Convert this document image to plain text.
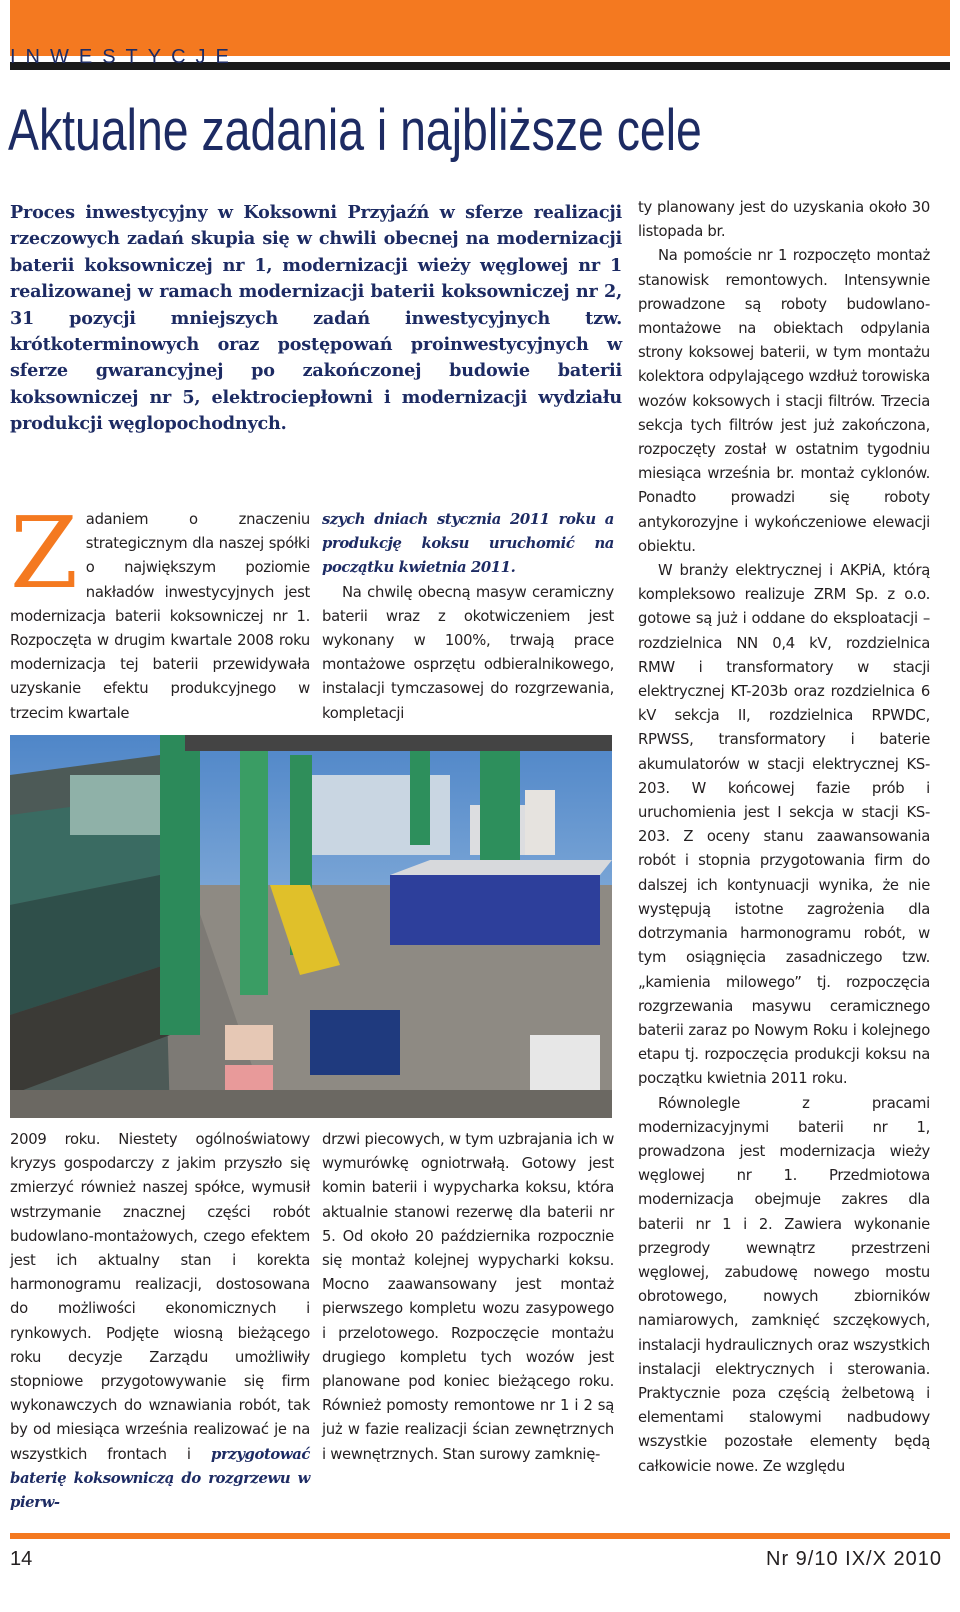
INWESTYCJE
Aktualne zadania i najbliższe cele

Proces inwestycyjny w Koksowni Przyjaźń w sferze realizacji rzeczowych zadań skupia się w chwili obecnej na modernizacji baterii koksowniczej nr 1, modernizacji wieży węglowej nr 1 realizowanej w ramach modernizacji baterii koksowniczej nr 2, 31 pozycji mniejszych zadań inwestycyjnych tzw. krótkoterminowych oraz postępowań proinwestycyjnych w sferze gwarancyjnej po zakończonej budowie baterii koksowniczej nr 5, elektrociepłowni i modernizacji wydziału produkcji węglopochodnych.

Zadaniem o znaczeniu strategicznym dla naszej spółki o największym poziomie nakładów inwestycyjnych jest modernizacja baterii koksowniczej nr 1. Rozpoczęta w drugim kwartale 2008 roku modernizacja tej baterii przewidywała uzyskanie efektu produkcyjnego w trzecim kwartale

szych dniach stycznia 2011 roku a produkcję koksu uruchomić na początku kwietnia 2011.

Na chwilę obecną masyw ceramiczny baterii wraz z okotwiczeniem jest wykonany w 100%, trwają prace montażowe osprzętu odbieralnikowego, instalacji tymczasowej do rozgrzewania, kompletacji

2009 roku. Niestety ogólnoświatowy kryzys gospodarczy z jakim przyszło się zmierzyć również naszej spółce, wymusił wstrzymanie znacznej części robót budowlano-montażowych, czego efektem jest ich aktualny stan i korekta harmonogramu realizacji, dostosowana do możliwości ekonomicznych i rynkowych. Podjęte wiosną bieżącego roku decyzje Zarządu umożliwiły stopniowe przygotowywanie się firm wykonawczych do wznawiania robót, tak by od miesiąca września realizować je na wszystkich frontach i przygotować baterię koksowniczą do rozgrzewu w pierw-

drzwi piecowych, w tym uzbrajania ich w wymurówkę ogniotrwałą. Gotowy jest komin baterii i wypycharka koksu, która aktualnie stanowi rezerwę dla baterii nr 5. Od około 20 października rozpocznie się montaż kolejnej wypycharki koksu. Mocno zaawansowany jest montaż pierwszego kompletu wozu zasypowego i przelotowego. Rozpoczęcie montażu drugiego kompletu tych wozów jest planowane pod koniec bieżącego roku. Również pomosty remontowe nr 1 i 2 są już w fazie realizacji ścian zewnętrznych i wewnętrznych. Stan surowy zamknię-

ty planowany jest do uzyskania około 30 listopada br.

Na pomoście nr 1 rozpoczęto montaż stanowisk remontowych. Intensywnie prowadzone są roboty budowlano-montażowe na obiektach odpylania strony koksowej baterii, w tym montażu kolektora odpylającego wzdłuż torowiska wozów koksowych i stacji filtrów. Trzecia sekcja tych filtrów jest już zakończona, rozpoczęty został w ostatnim tygodniu miesiąca września br. montaż cyklonów. Ponadto prowadzi się roboty antykorozyjne i wykończeniowe elewacji obiektu.

W branży elektrycznej i AKPiA, którą kompleksowo realizuje ZRM Sp. z o.o. gotowe są już i oddane do eksploatacji – rozdzielnica NN 0,4 kV, rozdzielnica RMW i transformatory w stacji elektrycznej KT-203b oraz rozdzielnica 6 kV sekcja II, rozdzielnica RPWDC, RPWSS, transformatory i baterie akumulatorów w stacji elektrycznej KS-203. W końcowej fazie prób i uruchomienia jest I sekcja w stacji KS-203. Z oceny stanu zaawansowania robót i stopnia przygotowania firm do dalszej ich kontynuacji wynika, że nie występują istotne zagrożenia dla dotrzymania harmonogramu robót, w tym osiągnięcia zasadniczego tzw. „kamienia milowego” tj. rozpoczęcia rozgrzewania masywu ceramicznego baterii zaraz po Nowym Roku i kolejnego etapu tj. rozpoczęcia produkcji koksu na początku kwietnia 2011 roku.

Równolegle z pracami modernizacyjnymi baterii nr 1, prowadzona jest modernizacja wieży węglowej nr 1. Przedmiotowa modernizacja obejmuje zakres dla baterii nr 1 i 2. Zawiera wykonanie przegrody wewnątrz przestrzeni węglowej, zabudowę nowego mostu obrotowego, nowych zbiorników namiarowych, zamknięć szczękowych, instalacji hydraulicznych oraz wszystkich instalacji elektrycznych i sterowania. Praktycznie poza częścią żelbetową i elementami stalowymi nadbudowy wszystkie pozostałe elementy będą całkowicie nowe. Ze względu

14	Nr 9/10 IX/X 2010
